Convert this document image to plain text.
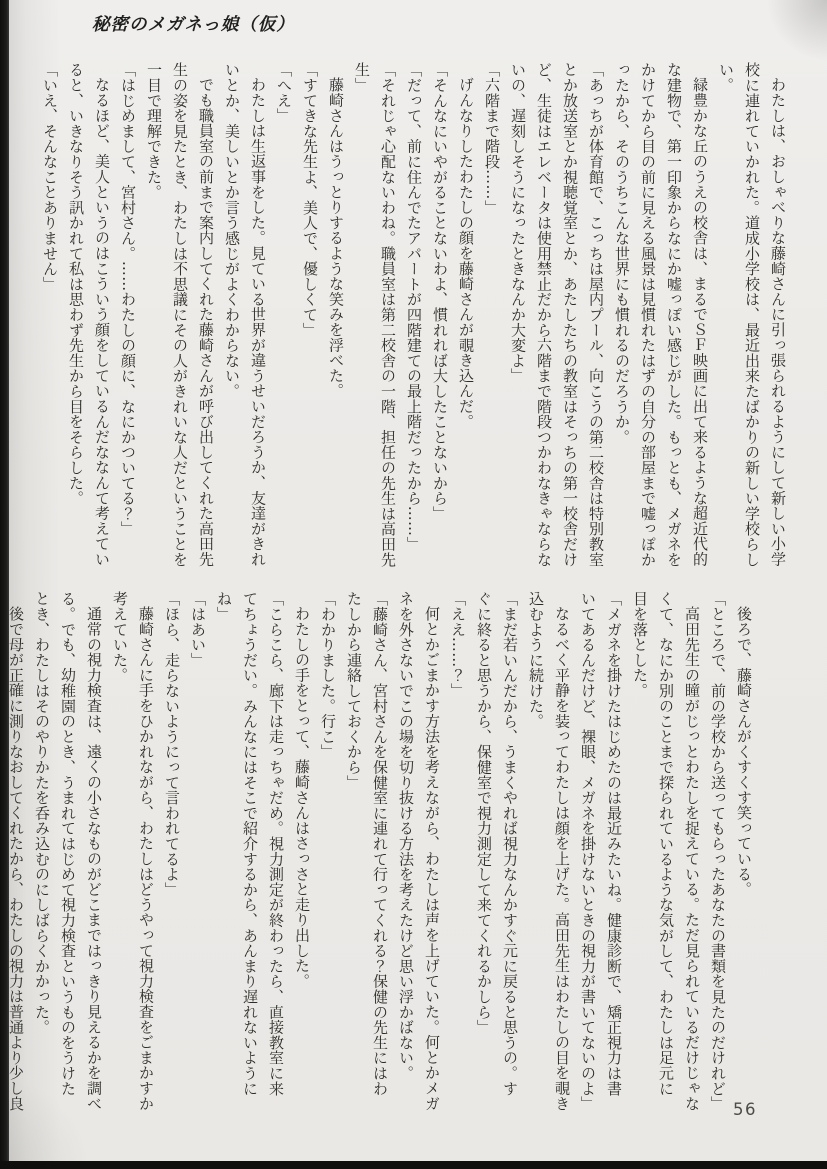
秘密のメガネっ娘（仮）

わたしは、おしゃべりな藤崎さんに引っ張られるようにして新しい小学校に連れていかれた。道成小学校は、最近出来たばかりの新しい学校らしい。

緑豊かな丘のうえの校舎は、まるでＳＦ映画に出て来るような超近代的な建物で、第一印象からなにか嘘っぽい感じがした。もっとも、メガネをかけてから目の前に見える風景は見慣れたはずの自分の部屋まで嘘っぽかったから、そのうちこんな世界にも慣れるのだろうか。

「あっちが体育館で、こっちは屋内プール、向こうの第二校舎は特別教室とか放送室とか視聴覚室とか、あたしたちの教室はそっちの第一校舎だけど、生徒はエレベータは使用禁止だから六階まで階段つかわなきゃならないの、遅刻しそうになったときなんか大変よ」

「六階まで階段……」

げんなりしたわたしの顔を藤崎さんが覗き込んだ。

「そんなにいやがることないわよ、慣れれば大したことないから」

「だって、前に住んでたアパートが四階建ての最上階だったから……」

「それじゃ心配ないわね。職員室は第二校舎の一階、担任の先生は高田先生」

藤崎さんはうっとりするような笑みを浮べた。

「すてきな先生よ、美人で、優しくて」

「へえ」

わたしは生返事をした。見ている世界が違うせいだろうか、友達がきれいとか、美しいとか言う感じがよくわからない。

でも職員室の前まで案内してくれた藤崎さんが呼び出してくれた高田先生の姿を見たとき、わたしは不思議にその人がきれいな人だということを一目で理解できた。

「はじめまして、宮村さん。……わたしの顔に、なにかついてる？」

なるほど、美人というのはこういう顔をしているんだななんて考えていると、いきなりそう訊かれて私は思わず先生から目をそらした。

「いえ、そんなことありません」

後ろで、藤崎さんがくすくす笑っている。

「ところで、前の学校から送ってもらったあなたの書類を見たのだけれど」

高田先生の瞳がじっとわたしを捉えている。ただ見られているだけじゃなくて、なにか別のことまで探られているような気がして、わたしは足元に目を落とした。

「メガネを掛けたはじめたのは最近みたいね。健康診断で、矯正視力は書いてあるんだけど、裸眼、メガネを掛けないときの視力が書いてないのよ」

なるべく平静を装ってわたしは顔を上げた。高田先生はわたしの目を覗き込むように続けた。

「まだ若いんだから、うまくやれば視力なんかすぐ元に戻ると思うの。すぐに終ると思うから、保健室で視力測定して来てくれるかしら」

「ええ……？」

何とかごまかす方法を考えながら、わたしは声を上げていた。何とかメガネを外さないでこの場を切り抜ける方法を考えたけど思い浮かばない。

「藤崎さん、宮村さんを保健室に連れて行ってくれる？保健の先生にはわたしから連絡しておくから」

「わかりました。行こ」

わたしの手をとって、藤崎さんはさっさと走り出した。

「こらこら、廊下は走っちゃだめ。視力測定が終わったら、直接教室に来てちょうだい。みんなにはそこで紹介するから、あんまり遅れないようにね」

「はあい」

「ほら、走らないようにって言われてるよ」

藤崎さんに手をひかれながら、わたしはどうやって視力検査をごまかすか考えていた。

通常の視力検査は、遠くの小さなものがどこまではっきり見えるかを調べる。でも、幼稚園のとき、うまれてはじめて視力検査というものをうけたとき、わたしはそのやりかたを呑み込むのにしばらくかかった。

後で母が正確に測りなおしてくれたから、わたしの視力は普通より少し良	56
